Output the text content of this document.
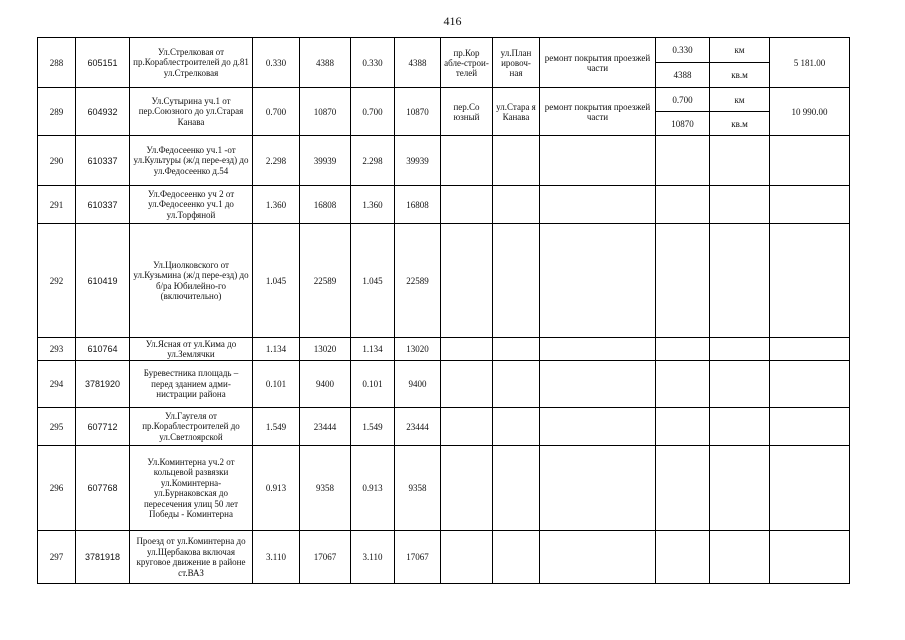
416
288	605151	Ул.Стрелковая от пр.Кораблестроителей до д.81 ул.Стрелковая	0.330	4388	0.330	4388	пр.Кор абле-строи-телей	ул.План ировоч-ная	ремонт покрытия проезжей части	0.330	км	5 181.00
										4388	кв.м	
289	604932	Ул.Сутырина уч.1 от пер.Союзного до ул.Старая Канава	0.700	10870	0.700	10870	пер.Со юзный	ул.Стара я Канава	ремонт покрытия проезжей части	0.700	км	10 990.00
										10870	кв.м	
290	610337	Ул.Федосеенко уч.1 -от ул.Культуры (ж/д пере-езд) до ул.Федосеенко д.54	2.298	39939	2.298	39939						
291	610337	Ул.Федосеенко уч 2 от ул.Федосеенко уч.1 до ул.Торфяной	1.360	16808	1.360	16808						
292	610419	Ул.Циолковского от ул.Кузьмина (ж/д пере-езд) до б/ра Юбилейно-го (включительно)	1.045	22589	1.045	22589						
293	610764	Ул.Ясная от ул.Кима до ул.Землячки	1.134	13020	1.134	13020						
294	3781920	Буревестника площадь – перед зданием адми-нистрации района	0.101	9400	0.101	9400						
295	607712	Ул.Гаугеля от пр.Кораблестроителей до ул.Светлоярской	1.549	23444	1.549	23444						
296	607768	Ул.Коминтерна уч.2 от кольцевой развязки ул.Коминтерна-ул.Бурнаковская до пересечения улиц 50 лет Победы - Коминтерна	0.913	9358	0.913	9358						
297	3781918	Проезд от ул.Коминтерна до ул.Щербакова включая круговое движение в районе ст.ВАЗ	3.110	17067	3.110	17067						
